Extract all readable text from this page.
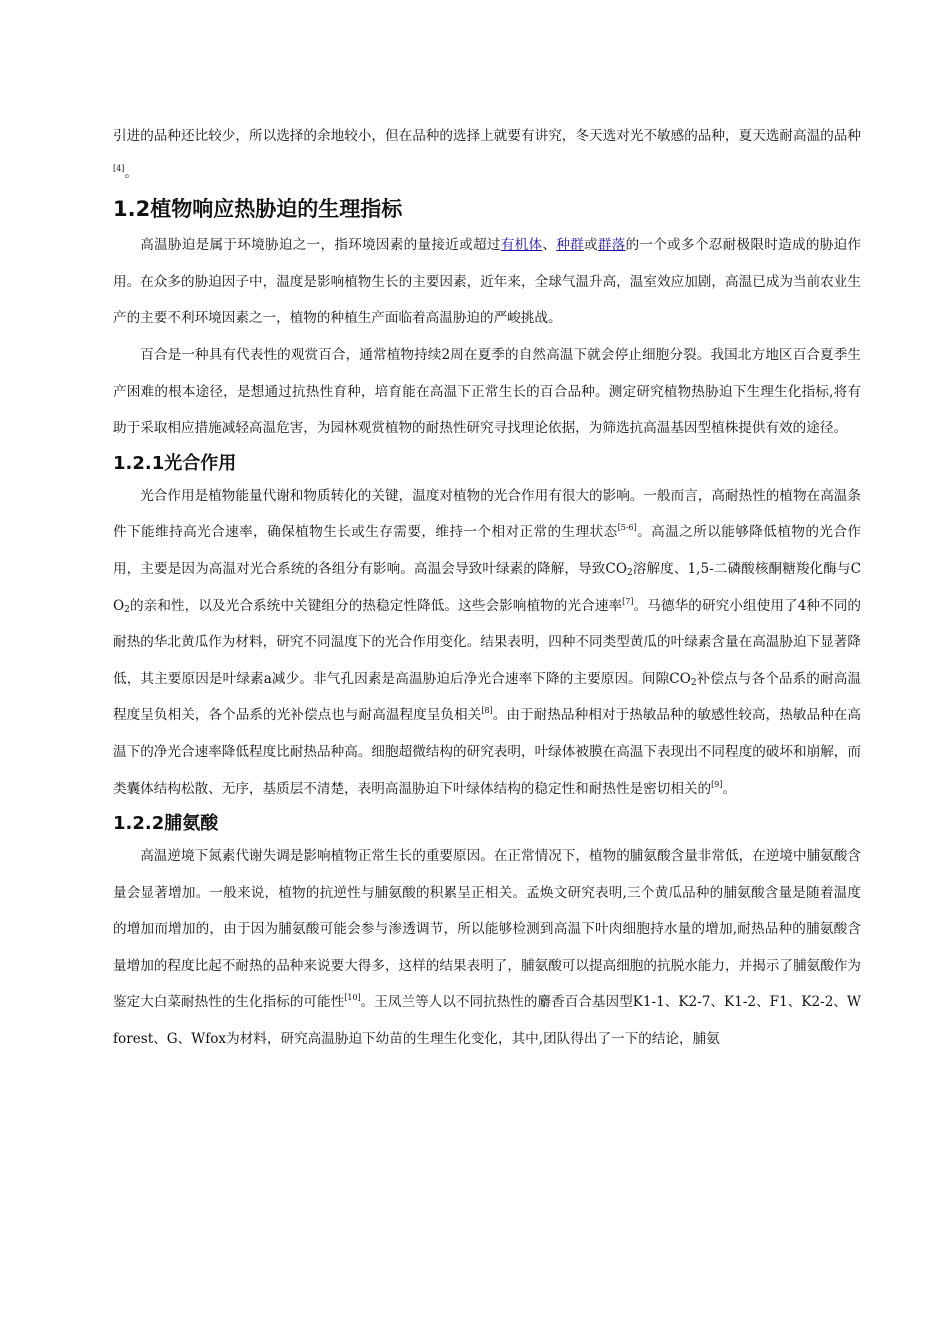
引进的品种还比较少，所以选择的余地较小，但在品种的选择上就要有讲究，冬天选对光不敏感的品种，夏天选耐高温的品种[4]。

1.2植物响应热胁迫的生理指标

高温胁迫是属于环境胁迫之一，指环境因素的量接近或超过有机体、种群或群落的一个或多个忍耐极限时造成的胁迫作用。在众多的胁迫因子中，温度是影响植物生长的主要因素，近年来，全球气温升高，温室效应加剧，高温已成为当前农业生产的主要不利环境因素之一，植物的种植生产面临着高温胁迫的严峻挑战。

百合是一种具有代表性的观赏百合，通常植物持续2周在夏季的自然高温下就会停止细胞分裂。我国北方地区百合夏季生产困难的根本途径，是想通过抗热性育种，培育能在高温下正常生长的百合品种。测定研究植物热胁迫下生理生化指标,将有助于采取相应措施减轻高温危害，为园林观赏植物的耐热性研究寻找理论依据，为筛选抗高温基因型植株提供有效的途径。

1.2.1光合作用

光合作用是植物能量代谢和物质转化的关键，温度对植物的光合作用有很大的影响。一般而言，高耐热性的植物在高温条件下能维持高光合速率，确保植物生长或生存需要，维持一个相对正常的生理状态[5-6]。高温之所以能够降低植物的光合作用，主要是因为高温对光合系统的各组分有影响。高温会导致叶绿素的降解，导致$CO_2$溶解度、1,5-二磷酸核酮糖羧化酶与$CO_2$的亲和性，以及光合系统中关键组分的热稳定性降低。这些会影响植物的光合速率[7]。马德华的研究小组使用了4种不同的耐热的华北黄瓜作为材料，研究不同温度下的光合作用变化。结果表明，四种不同类型黄瓜的叶绿素含量在高温胁迫下显著降低，其主要原因是叶绿素a减少。非气孔因素是高温胁迫后净光合速率下降的主要原因。间隙$CO_2$补偿点与各个品系的耐高温程度呈负相关，各个品系的光补偿点也与耐高温程度呈负相关[8]。由于耐热品种相对于热敏品种的敏感性较高，热敏品种在高温下的净光合速率降低程度比耐热品种高。细胞超微结构的研究表明，叶绿体被膜在高温下表现出不同程度的破坏和崩解，而类囊体结构松散、无序，基质层不清楚，表明高温胁迫下叶绿体结构的稳定性和耐热性是密切相关的[9]。

1.2.2脯氨酸

高温逆境下氮素代谢失调是影响植物正常生长的重要原因。在正常情况下，植物的脯氨酸含量非常低，在逆境中脯氨酸含量会显著增加。一般来说，植物的抗逆性与脯氨酸的积累呈正相关。孟焕文研究表明,三个黄瓜品种的脯氨酸含量是随着温度的增加而增加的，由于因为脯氨酸可能会参与渗透调节，所以能够检测到高温下叶肉细胞持水量的增加,耐热品种的脯氨酸含量增加的程度比起不耐热的品种来说要大得多，这样的结果表明了，脯氨酸可以提高细胞的抗脱水能力，并揭示了脯氨酸作为鉴定大白菜耐热性的生化指标的可能性[10]。王凤兰等人以不同抗热性的麝香百合基因型K1-1、K2-7、K1-2、F1、K2-2、Wforest、G、Wfox为材料，研究高温胁迫下幼苗的生理生化变化，其中,团队得出了一下的结论，脯氨
